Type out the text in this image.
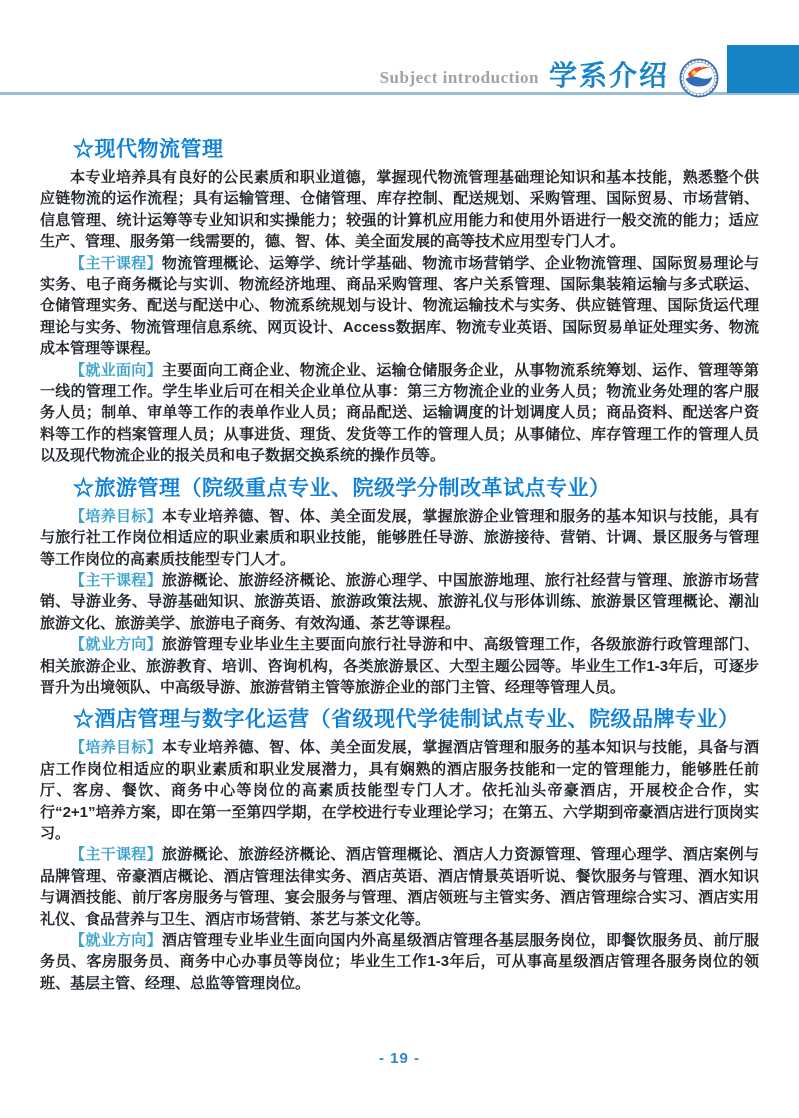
Subject introduction 学系介绍
☆现代物流管理

本专业培养具有良好的公民素质和职业道德，掌握现代物流管理基础理论知识和基本技能，熟悉整个供应链物流的运作流程；具有运输管理、仓储管理、库存控制、配送规划、采购管理、国际贸易、市场营销、信息管理、统计运筹等专业知识和实操能力；较强的计算机应用能力和使用外语进行一般交流的能力；适应生产、管理、服务第一线需要的，德、智、体、美全面发展的高等技术应用型专门人才。

【主干课程】物流管理概论、运筹学、统计学基础、物流市场营销学、企业物流管理、国际贸易理论与实务、电子商务概论与实训、物流经济地理、商品采购管理、客户关系管理、国际集装箱运输与多式联运、仓储管理实务、配送与配送中心、物流系统规划与设计、物流运输技术与实务、供应链管理、国际货运代理理论与实务、物流管理信息系统、网页设计、Access数据库、物流专业英语、国际贸易单证处理实务、物流成本管理等课程。

【就业面向】主要面向工商企业、物流企业、运输仓储服务企业，从事物流系统筹划、运作、管理等第一线的管理工作。学生毕业后可在相关企业单位从事：第三方物流企业的业务人员；物流业务处理的客户服务人员；制单、审单等工作的表单作业人员；商品配送、运输调度的计划调度人员；商品资料、配送客户资料等工作的档案管理人员；从事进货、理货、发货等工作的管理人员；从事储位、库存管理工作的管理人员以及现代物流企业的报关员和电子数据交换系统的操作员等。

☆旅游管理（院级重点专业、院级学分制改革试点专业）

【培养目标】本专业培养德、智、体、美全面发展，掌握旅游企业管理和服务的基本知识与技能，具有与旅行社工作岗位相适应的职业素质和职业技能，能够胜任导游、旅游接待、营销、计调、景区服务与管理等工作岗位的高素质技能型专门人才。

【主干课程】旅游概论、旅游经济概论、旅游心理学、中国旅游地理、旅行社经营与管理、旅游市场营销、导游业务、导游基础知识、旅游英语、旅游政策法规、旅游礼仪与形体训练、旅游景区管理概论、潮汕旅游文化、旅游美学、旅游电子商务、有效沟通、茶艺等课程。

【就业方向】旅游管理专业毕业生主要面向旅行社导游和中、高级管理工作，各级旅游行政管理部门、相关旅游企业、旅游教育、培训、咨询机构，各类旅游景区、大型主题公园等。毕业生工作1-3年后，可逐步晋升为出境领队、中高级导游、旅游营销主管等旅游企业的部门主管、经理等管理人员。

☆酒店管理与数字化运营（省级现代学徒制试点专业、院级品牌专业）

【培养目标】本专业培养德、智、体、美全面发展，掌握酒店管理和服务的基本知识与技能，具备与酒店工作岗位相适应的职业素质和职业发展潜力，具有娴熟的酒店服务技能和一定的管理能力，能够胜任前厅、客房、餐饮、商务中心等岗位的高素质技能型专门人才。依托汕头帝豪酒店，开展校企合作，实行“2+1”培养方案，即在第一至第四学期，在学校进行专业理论学习；在第五、六学期到帝豪酒店进行顶岗实习。

【主干课程】旅游概论、旅游经济概论、酒店管理概论、酒店人力资源管理、管理心理学、酒店案例与品牌管理、帝豪酒店概论、酒店管理法律实务、酒店英语、酒店情景英语听说、餐饮服务与管理、酒水知识与调酒技能、前厅客房服务与管理、宴会服务与管理、酒店领班与主管实务、酒店管理综合实习、酒店实用礼仪、食品营养与卫生、酒店市场营销、茶艺与茶文化等。

【就业方向】酒店管理专业毕业生面向国内外高星级酒店管理各基层服务岗位，即餐饮服务员、前厅服务员、客房服务员、商务中心办事员等岗位；毕业生工作1-3年后，可从事高星级酒店管理各服务岗位的领班、基层主管、经理、总监等管理岗位。

- 19 -
